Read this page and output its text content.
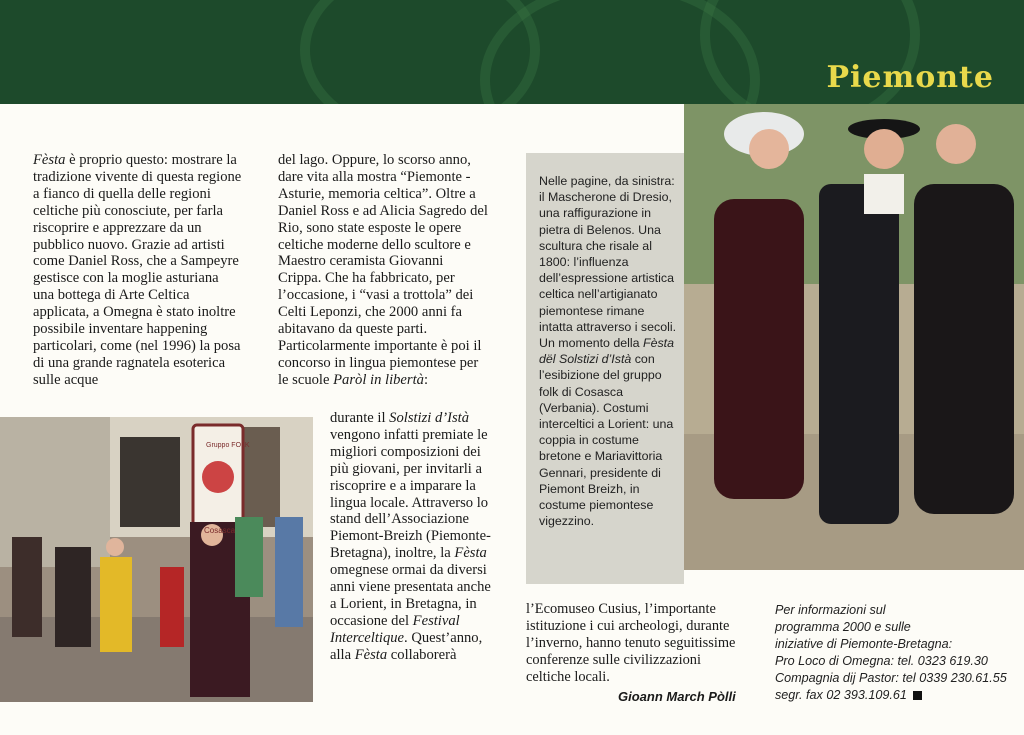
Piemonte

Fèsta è proprio questo: mostrare la tradizione vivente di questa regione a fianco di quella delle regioni celtiche più conosciute, per farla riscoprire e apprezzare da un pubblico nuovo. Grazie ad artisti come Daniel Ross, che a Sampeyre gestisce con la moglie asturiana una bottega di Arte Celtica applicata, a Omegna è stato inoltre possibile inventare happening particolari, come (nel 1996) la posa di una grande ragnatela esoterica sulle acque

Gruppo FOLK
Cosasca

del lago. Oppure, lo scorso anno, dare vita alla mostra “Piemonte - Asturie, memoria celtica”. Oltre a Daniel Ross e ad Alicia Sagredo del Rio, sono state esposte le opere celtiche moderne dello scultore e Maestro ceramista Giovanni Crippa. Che ha fabbricato, per l’occasione, i “vasi a trottola” dei Celti Leponzi, che 2000 anni fa abitavano da queste parti. Particolarmente importante è poi il concorso in lingua piemontese per le scuole Paròl in libertà:

durante il Solstizi d’Istà vengono infatti premiate le migliori composizioni dei più giovani, per invitarli a riscoprire e a imparare la lingua locale. Attraverso lo stand dell’Associazione Piemont-Breizh (Piemonte-Bretagna), inoltre, la Fèsta omegnese ormai da diversi anni viene presentata anche a Lorient, in Bretagna, in occasione del Festival Interceltique. Quest’anno, alla Fèsta collaborerà

Nelle pagine, da sinistra: il Mascherone di Dresio, una raffigurazione in pietra di Belenos. Una scultura che risale al 1800: l’influenza dell’espressione artistica celtica nell’artigianato piemontese rimane intatta attraverso i secoli. Un momento della Fèsta dël Solstizi d’Istà con l’esibizione del gruppo folk di Cosasca (Verbania). Costumi interceltici a Lorient: una coppia in costume bretone e Mariavittoria Gennari, presidente di Piemont Breizh, in costume piemontese vigezzino.

l’Ecomuseo Cusius, l’importante istituzione i cui archeologi, durante l’inverno, hanno tenuto seguitissime conferenze sulle civilizzazioni celtiche locali.

Gioann March Pòlli
Per informazioni sul
programma 2000 e sulle
iniziative di Piemonte-Bretagna:
Pro Loco di Omegna: tel. 0323 619.30
Compagnia dij Pastor: tel 0339 230.61.55
segr. fax 02 393.109.61
